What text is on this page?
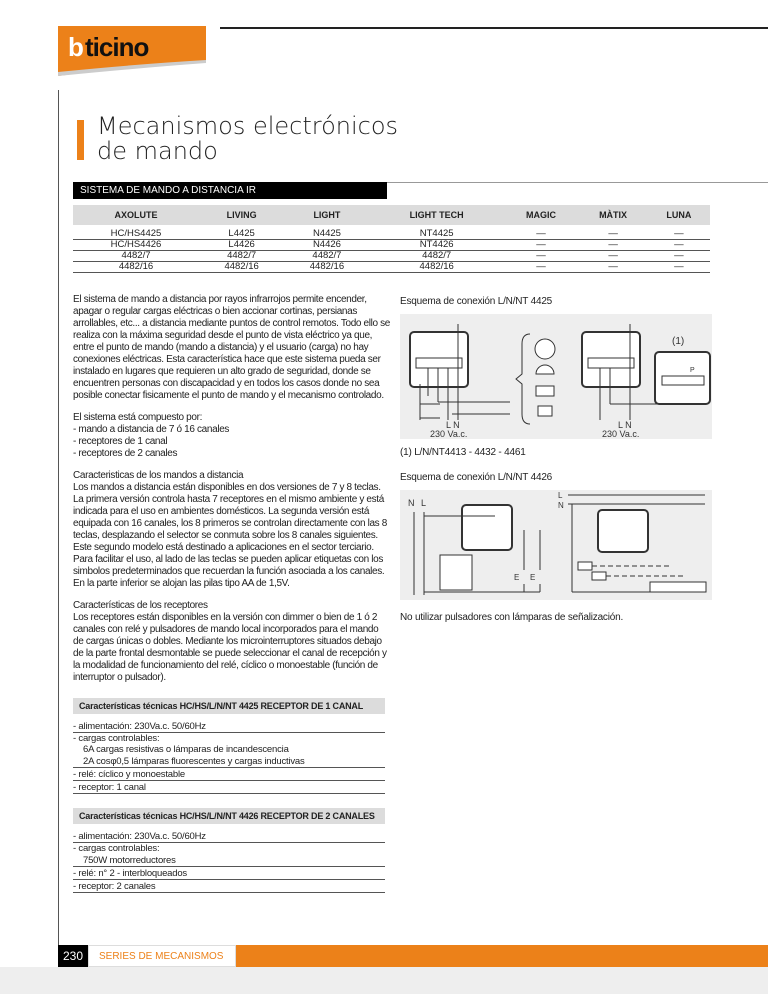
b ticino
Mecanismos electrónicos
de mando
SISTEMA DE MANDO A DISTANCIA IR
AXOLUTE	LIVING	LIGHT	LIGHT TECH	MAGIC	MÀTIX	LUNA
HC/HS4425	L4425	N4425	NT4425	—	—	—
HC/HS4426	L4426	N4426	NT4426	—	—	—
4482/7	4482/7	4482/7	4482/7	—	—	—
4482/16	4482/16	4482/16	4482/16	—	—	—

El sistema de mando a distancia por rayos infrarrojos permite encender, apagar o regular cargas eléctricas o bien accionar cortinas, persianas arrollables, etc... a distancia mediante puntos de control remotos. Todo ello se realiza con la máxima seguridad desde el punto de vista eléctrico ya que, entre el punto de mando (mando a distancia) y el usuario (carga) no hay conexiones eléctricas. Esta característica hace que este sistema pueda ser instalado en lugares que requieren un alto grado de seguridad, donde se encuentren personas con discapacidad y en todos los casos donde no sea posible conectar fisicamente el punto de mando y el mecanismo controlado.

El sistema está compuesto por:
- mando a distancia de 7 ó 16 canales
- receptores de 1 canal
- receptores de 2 canales

Caracteristicas de los mandos a distancia
Los mandos a distancia están disponibles en dos versiones de 7 y 8 teclas. La primera versión controla hasta 7 receptores en el mismo ambiente y está indicada para el uso en ambientes domésticos. La segunda versión está equipada con 16 canales, los 8 primeros se controlan directamente con las 8 teclas, desplazando el selector se conmuta sobre los 8 canales siguientes. Este segundo modelo está destinado a aplicaciones en el sector terciario. Para facilitar el uso, al lado de las teclas se pueden aplicar etiquetas con los simbolos predeterminados que recuerdan la función asociada a los canales. En la parte inferior se alojan las pilas tipo AA de 1,5V.

Características de los receptores
Los receptores están disponibles en la versión con dimmer o bien de 1 ó 2 canales con relé y pulsadores de mando local incorporados para el mando de cargas únicas o dobles. Mediante los microinterruptores situados debajo de la parte frontal desmontable se puede seleccionar el canal de recepción y la modalidad de funcionamiento del relé, cíclico o monoestable (función de interruptor o pulsador).

Características técnicas HC/HS/L/N/NT 4425 RECEPTOR DE 1 CANAL
- alimentación: 230Va.c. 50/60Hz
- cargas controlables:
6A cargas resistivas o lámparas de incandescencia
2A cosφ0,5 lámparas fluorescentes y cargas inductivas
- relé: cíclico y monoestable
- receptor: 1 canal
Características técnicas HC/HS/L/N/NT 4426 RECEPTOR DE 2 CANALES
- alimentación: 230Va.c. 50/60Hz
- cargas controlables:
750W motorreductores
- relé: n° 2 - interbloqueados
- receptor: 2 canales
Esquema de conexión L/N/NT 4425
L N
230 Va.c.
L N
230 Va.c.
(1)
P
(1) L/N/NT4413 - 4432 - 4461
Esquema de conexión L/N/NT 4426
N L
L
N
E E
No utilizar pulsadores con lámparas de señalización.
230	SERIES DE MECANISMOS
